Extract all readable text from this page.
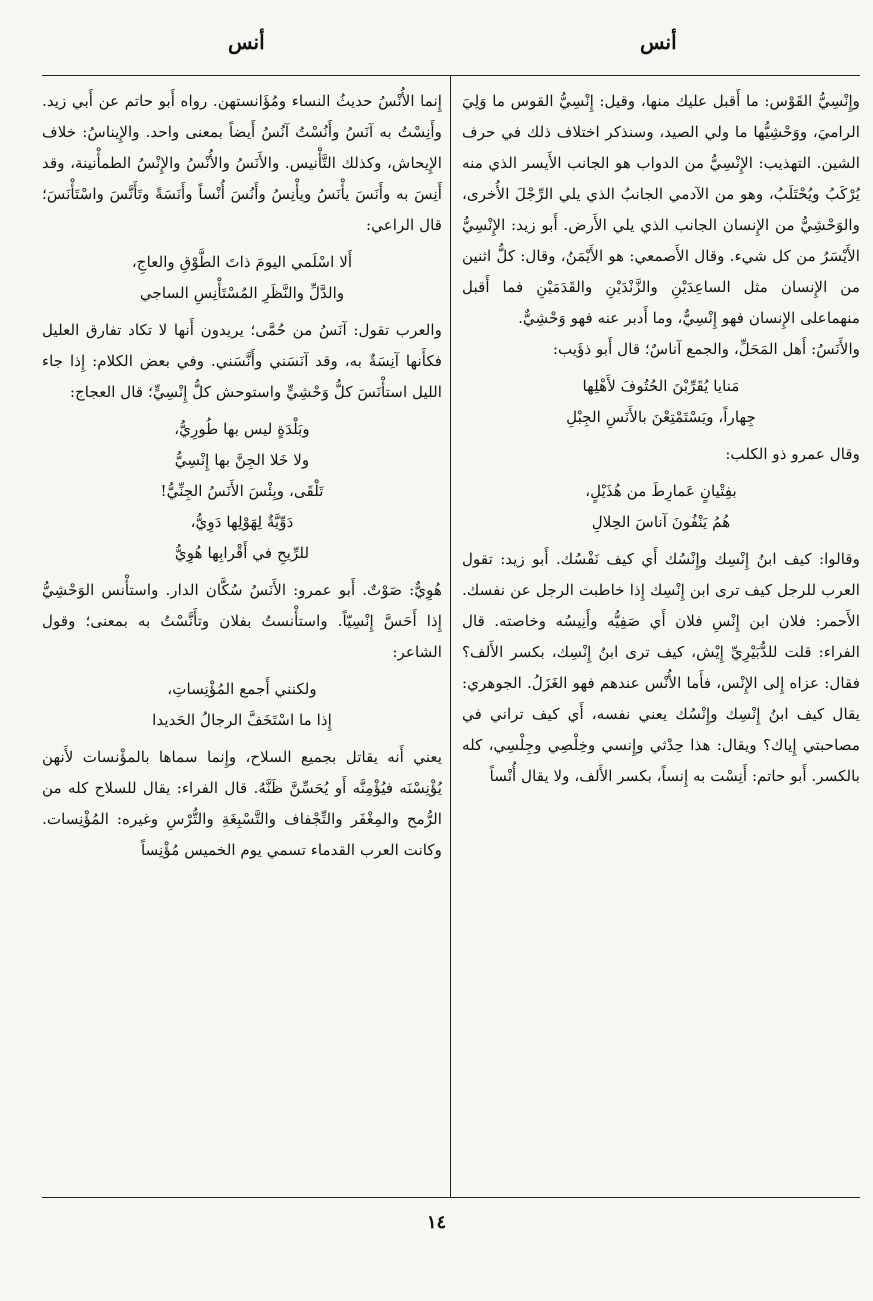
أنس
أنس

وإِنْسِيُّ القَوْس: ما أَقبل عليك منها، وقيل: إِنْسِيُّ القوس ما وَلِيَ الراميَ، ووَحْشِيُّها ما ولي الصيد، وسنذكر اختلاف ذلك في حرف الشين. التهذيب: الإِنْسِيُّ من الدواب هو الجانب الأَيسر الذي منه يُرْكَبُ ويُحْتَلَبُ، وهو من الآدمي الجانبُ الذي يلي الرِّجْلَ الأُخرى، والوَحْشِيُّ من الإِنسان الجانب الذي يلي الأَرض. أَبو زيد: الإِنْسِيُّ الأَيْسَرُ من كل شيء. وقال الأَصمعي: هو الأَيْمَنُ، وقال: كلُّ اثنين من الإِنسان مثل الساعِدَيْنِ والزَّنْدَيْنِ والقَدَمَيْنِ فما أَقبل منهماعلى الإِنسان فهو إِنْسِيٌّ، وما أَدبر عنه فهو وَحْشِيٌّ.

والأَنَسُ: أَهل المَحَلِّ، والجمع آناسٌ؛ قال أَبو ذؤَيب:

مَنايا يُقَرِّبْنَ الحُتُوفَ لأَهْلِها
جِهاراً، ويَسْتَمْتِعْنَ بالأَنَسِ الجِبْلِ

وقال عمرو ذو الكلب:

بفِتْيانٍ عَمارِطَ من هُذَيْلٍ،
هُمُ يَنْفُونَ آناسَ الحِلالِ

وقالوا: كيف ابنُ إِنْسِك وإِنْسُك أَي كيف نَفْسُك. أَبو زيد: تقول العرب للرجل كيف ترى ابن إِنْسِك إِذا خاطبت الرجل عن نفسك. الأَحمر: فلان ابن إِنْسِ فلان أَي صَفِيُّه وأَنِيسُه وخاصته. قال الفراء: قلت للدُّبَيْرِيِّ إِيْش، كيف ترى ابنُ إِنْسِك، بكسر الأَلف؟ فقال: عزاه إِلى الإِنْس، فأَما الأُنْس عندهم فهو الغَزَلُ. الجوهري: يقال كيف ابنُ إِنْسِك وإِنْسُك يعني نفسه، أَي كيف تراني في مصاحبتي إِياك؟ ويقال: هذا حِدْثي وإِنسي وخِلْصِي وجِلْسِي، كله بالكسر. أَبو حاتم: أَنِسْت به إِنساً، بكسر الأَلف، ولا يقال أُنْساً

إِنما الأُنْسُ حديثُ النساء ومُؤَانستهن. رواه أَبو حاتم عن أَبي زيد. وأَنِسْتُ به آنَسُ وأَنُسْتُ آنُسُ أَيضاً بمعنى واحد. والإِيناسُ: خلاف الإِيحاش، وكذلك التَّأْنيس. والأَنَسُ والأُنْسُ والإِنْسُ الطمأْنينة، وقد أَنِسَ به وأَنَسَ يأْنَسُ ويأْنِسُ وأَنُسَ أُنْساً وأَنَسَةً وتَأَنَّسَ واسْتَأْنَسَ؛ قال الراعي:

أَلا اسْلَمي اليومَ ذاتَ الطَّوْقِ والعاجِ،
والدَّلِّ والنَّظَرِ المُسْتَأْنِسِ الساجي

والعرب تقول: آنَسُ من حُمَّى؛ يريدون أَنها لا تكاد تفارق العليل فكأَنها آنِسَةٌ به، وقد آنَسَني وأَنَّسَني. وفي بعض الكلام: إِذا جاء الليل استأْنَسَ كلُّ وَحْشِيٍّ واستوحش كلُّ إِنْسِيٍّ؛ قال العجاج:

وبَلْدَةٍ ليس بها طُورِيُّ،
ولا خَلا الجِنَّ بها إِنْسِيُّ
تَلْقَى، وبِئْسَ الأَنَسُ الجِنِّيُّ!
دَوِّيَّةٌ لِهَوْلِها دَوِيُّ،
للرِّيحِ في أَقْرابِها هُوِيُّ

هُوِيٌّ: صَوْتٌ. أَبو عمرو: الأَنَسُ سُكَّان الدار. واستأْنس الوَحْشِيُّ إِذا أَحَسَّ إِنْسِيّاً. واستأْنستُ بفلان وتأَنَّسْتُ به بمعنى؛ وقول الشاعر:

ولكنني أَجمع المُؤْنِساتِ،
إِذا ما اسْتَخَفَّ الرجالُ الحَديدا

يعني أَنه يقاتل بجميع السلاح، وإِنما سماها بالمؤْنسات لأَنهن يُؤْنِسْنَه فيُؤْمِنَّه أَو يُحَسِّنَّ ظَنَّهُ. قال الفراء: يقال للسلاح كله من الرُّمح والمِغْفَر والتِّجْفاف والتَّسْبِغَةِ والتُّرْسِ وغيره: المُؤْنِسات. وكانت العرب القدماء تسمي يوم الخميس مُؤْنِساً

١٤
